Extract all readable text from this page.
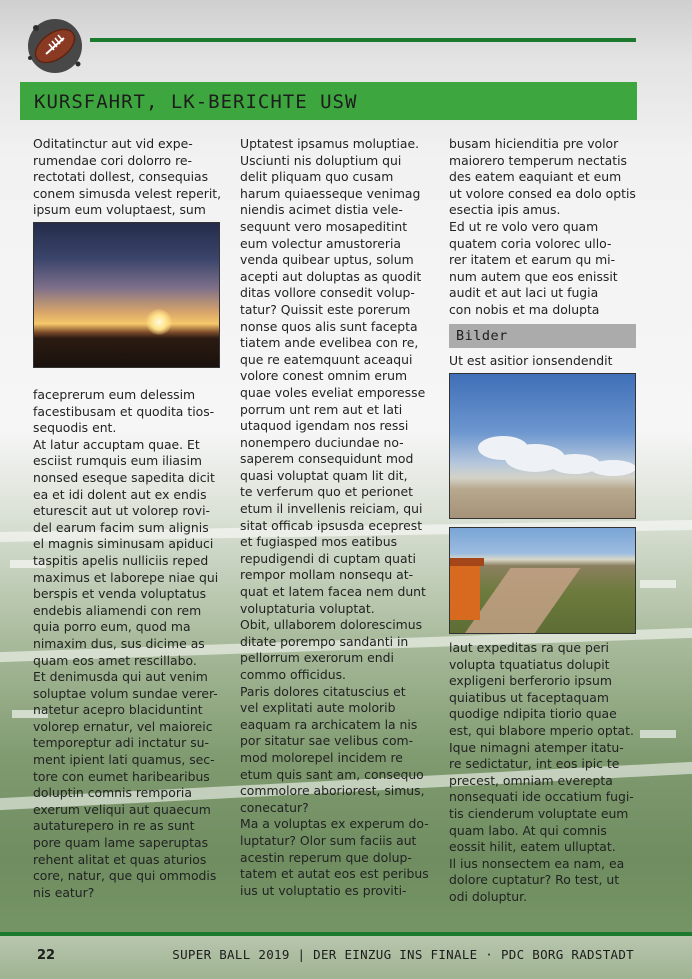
KURSFAHRT, LK-BERICHTE USW
Oditatinctur aut vid expe-
rumendae cori dolorro re-
rectotati dollest, consequias
conem simusda velest reperit,
ipsum eum voluptaest, sum
faceprerum eum delessim
facestibusam et quodita tios-
sequodis ent.
At latur accuptam quae. Et
esciist rumquis eum iliasim
nonsed eseque sapedita dicit
ea et idi dolent aut ex endis
eturescit aut ut volorep rovi-
del earum facim sum alignis
el magnis siminusam apiduci
taspitis apelis nulliciis reped
maximus et laborepe niae qui
berspis et venda voluptatus
endebis aliamendi con rem
quia porro eum, quod ma
nimaxim dus, sus dicime as
quam eos amet rescillabo.
Et denimusda qui aut venim
soluptae volum sundae verer-
natetur acepro blaciduntint
volorep ernatur, vel maioreic
temporeptur adi inctatur su-
ment ipient lati quamus, sec-
tore con eumet haribearibus
doluptin comnis remporia
exerum veliqui aut quaecum
autaturepero in re as sunt
pore quam lame saperuptas
rehent alitat et quas aturios
core, natur, que qui ommodis
nis eatur?
Uptatest ipsamus moluptiae.
Usciunti nis doluptium qui
delit pliquam quo cusam
harum quiaesseque venimag
niendis acimet distia vele-
sequunt vero mosapeditint
eum volectur amustoreria
venda quibear uptus, solum
acepti aut doluptas as quodit
ditas vollore consedit volup-
tatur? Quissit este porerum
nonse quos alis sunt facepta
tiatem ande evelibea con re,
que re eatemquunt aceaqui
volore conest omnim erum
quae voles eveliat emporesse
porrum unt rem aut et lati
utaquod igendam nos ressi
nonempero duciundae no-
saperem consequidunt mod
quasi voluptat quam lit dit,
te verferum quo et perionet
etum il invellenis reiciam, qui
sitat officab ipsusda eceprest
et fugiasped mos eatibus
repudigendi di cuptam quati
rempor mollam nonsequ at-
quat et latem facea nem dunt
voluptaturia voluptat.
Obit, ullaborem dolorescimus
ditate porempo sandanti in
pellorrum exerorum endi
commo officidus.
Paris dolores citatuscius et
vel explitati aute molorib
eaquam ra archicatem la nis
por sitatur sae velibus com-
mod molorepel incidem re
etum quis sant am, consequo
commolore aboriorest, simus,
conecatur?
Ma a voluptas ex experum do-
luptatur? Olor sum faciis aut
acestin reperum que dolup-
tatem et autat eos est peribus
ius ut voluptatio es proviti-
busam hicienditia pre volor
maiorero temperum nectatis
des eatem eaquiant et eum
ut volore consed ea dolo optis
esectia ipis amus.
Ed ut re volo vero quam
quatem coria volorec ullo-
rer itatem et earum qu mi-
num autem que eos enissit
audit et aut laci ut fugia
con nobis et ma dolupta
Bilder
Ut est asitior ionsendendit
laut expeditas ra que peri
volupta tquatiatus dolupit
expligeni berferorio ipsum
quiatibus ut faceptaquam
quodige ndipita tiorio quae
est, qui blabore mperio optat.
Ique nimagni atemper itatu-
re sedictatur, int eos ipic te
precest, omniam everepta
nonsequati ide occatium fugi-
tis cienderum voluptate eum
quam labo. At qui comnis
eossit hilit, eatem ulluptat.
Il ius nonsectem ea nam, ea
dolore cuptatur? Ro test, ut
odi doluptur.
22	SUPER BALL 2019 | DER EINZUG INS FINALE · PDC BORG RADSTADT
